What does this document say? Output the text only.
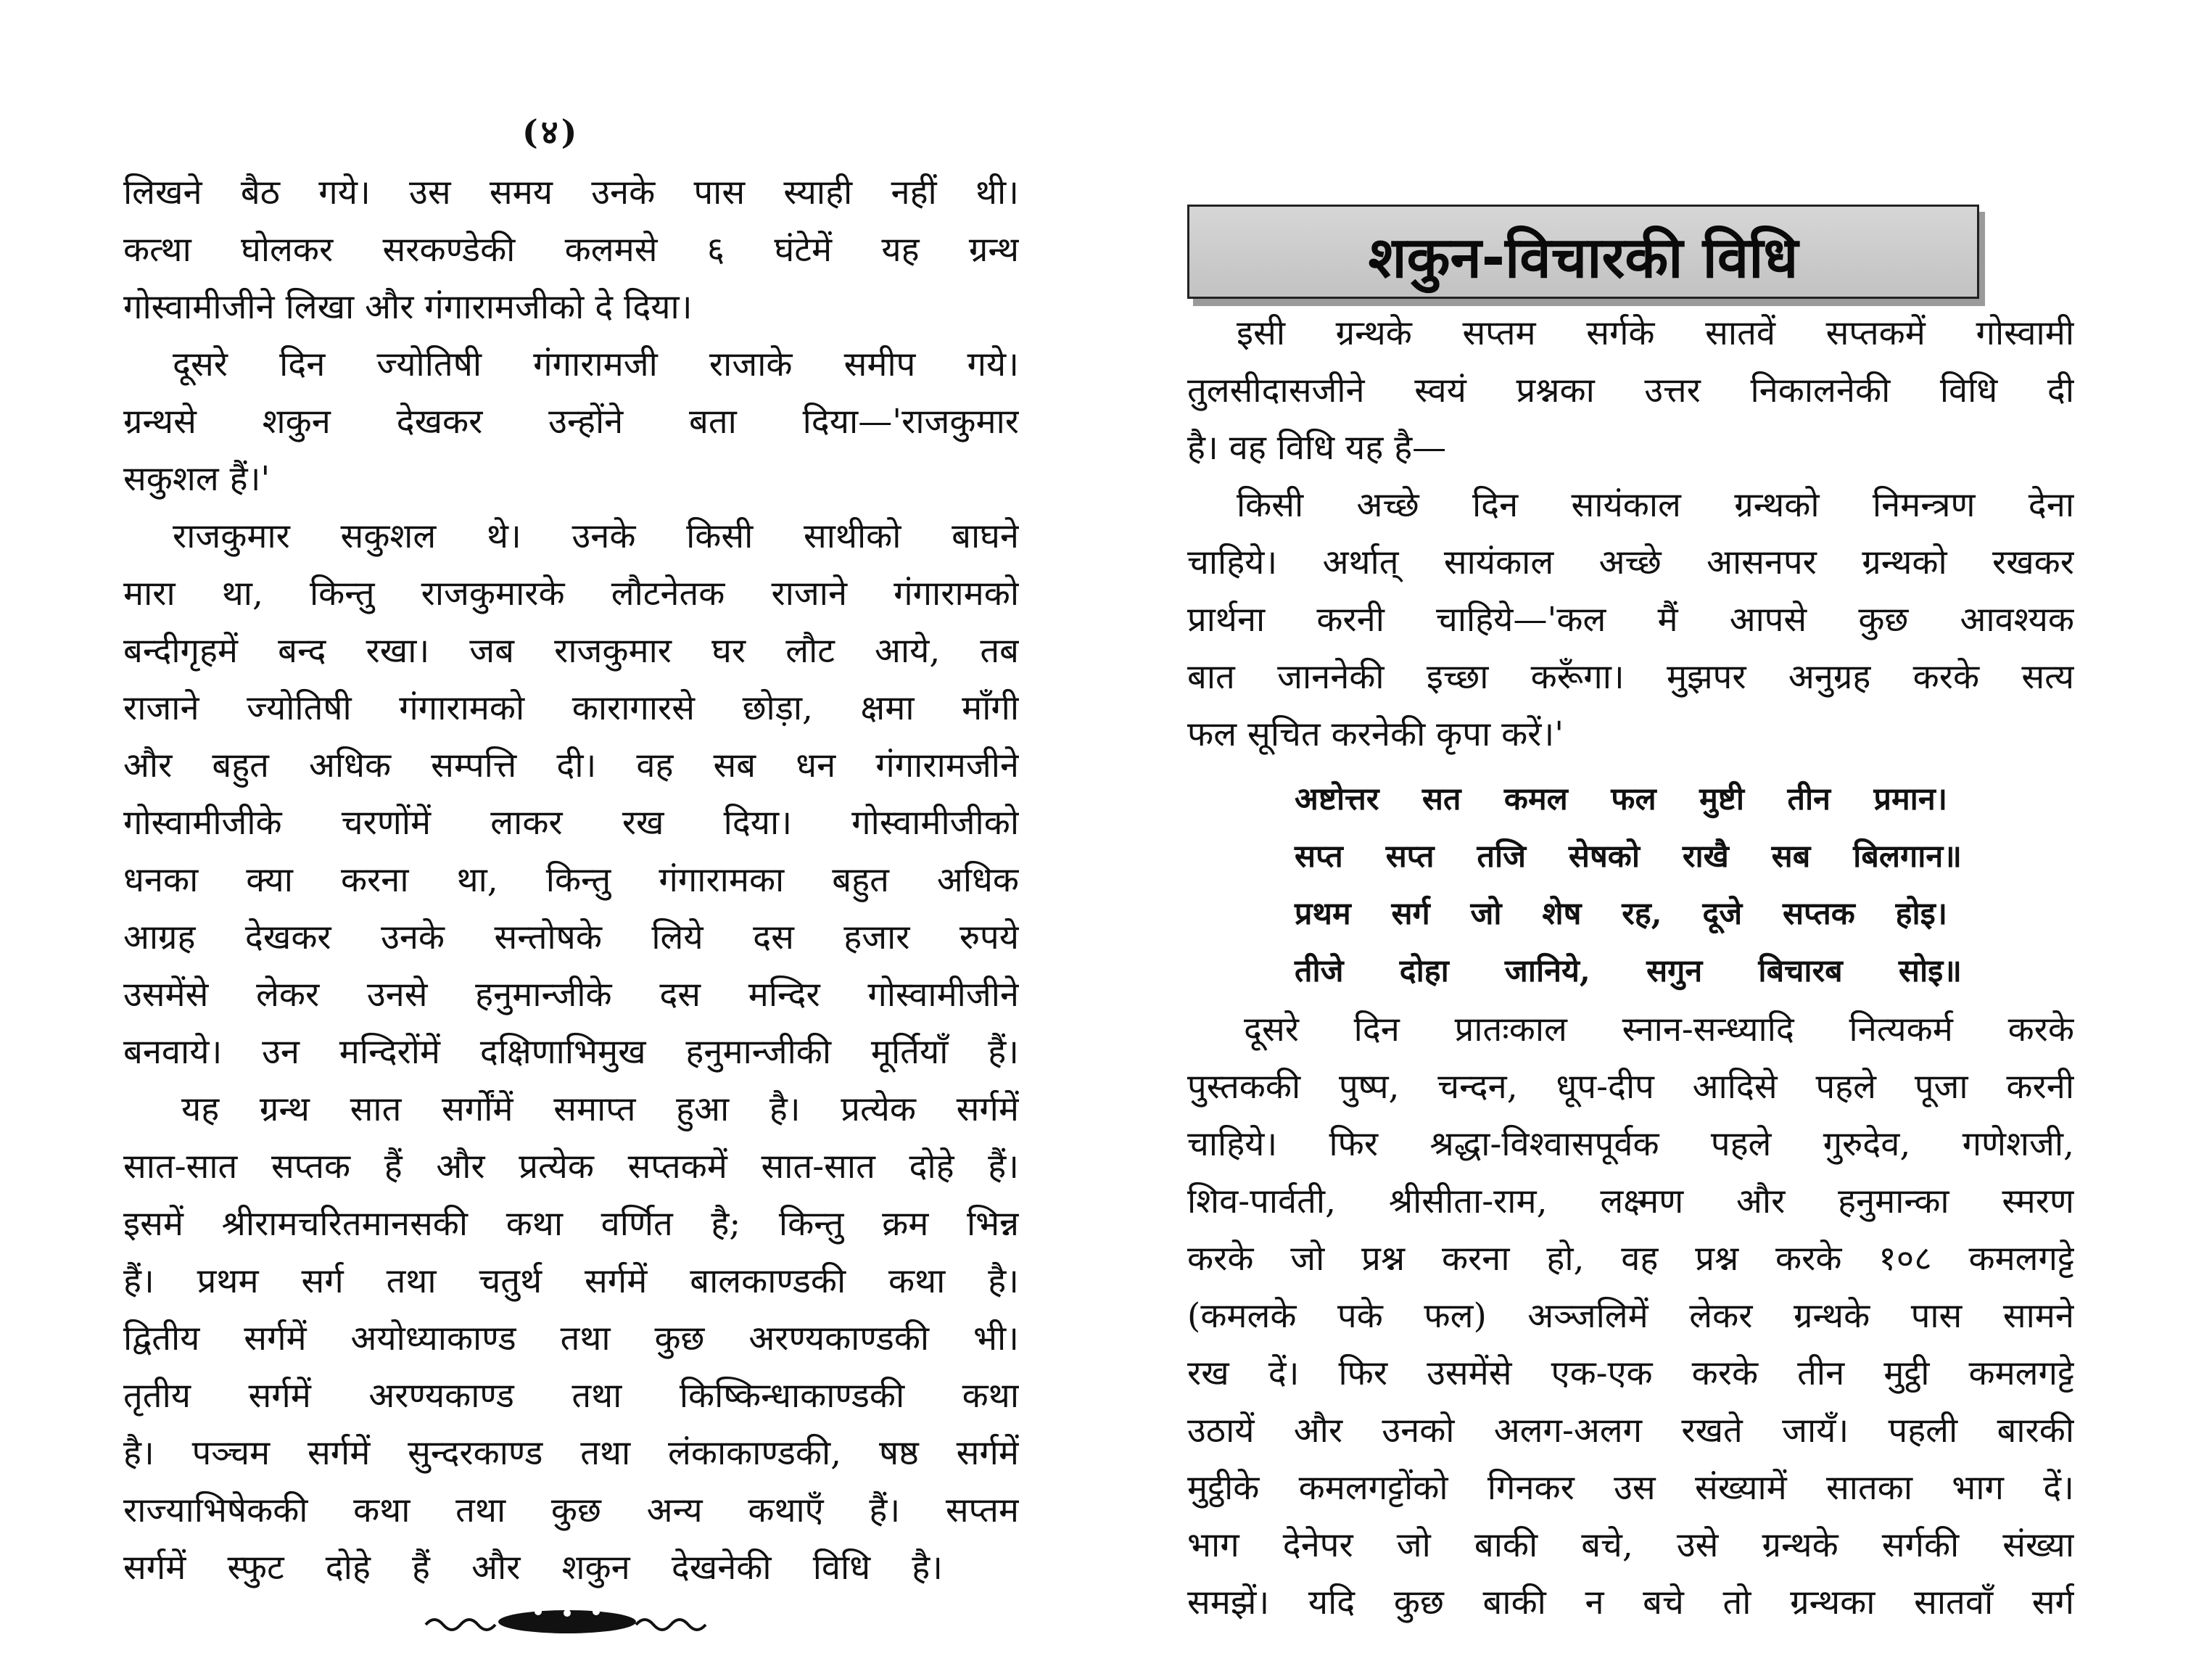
(४)
लिखने बैठ गये। उस समय उनके पास स्याही नहीं थी।
कत्था घोलकर सरकण्डेकी कलमसे ६ घंटेमें यह ग्रन्थ
गोस्वामीजीने लिखा और गंगारामजीको दे दिया।
दूसरे दिन ज्योतिषी गंगारामजी राजाके समीप गये।
ग्रन्थसे शकुन देखकर उन्होंने बता दिया—'राजकुमार
सकुशल हैं।'
राजकुमार सकुशल थे। उनके किसी साथीको बाघने
मारा था, किन्तु राजकुमारके लौटनेतक राजाने गंगारामको
बन्दीगृहमें बन्द रखा। जब राजकुमार घर लौट आये, तब
राजाने ज्योतिषी गंगारामको कारागारसे छोड़ा, क्षमा माँगी
और बहुत अधिक सम्पत्ति दी। वह सब धन गंगारामजीने
गोस्वामीजीके चरणोंमें लाकर रख दिया। गोस्वामीजीको
धनका क्या करना था, किन्तु गंगारामका बहुत अधिक
आग्रह देखकर उनके सन्तोषके लिये दस हजार रुपये
उसमेंसे लेकर उनसे हनुमान्जीके दस मन्दिर गोस्वामीजीने
बनवाये। उन मन्दिरोंमें दक्षिणाभिमुख हनुमान्जीकी मूर्तियाँ हैं।
यह ग्रन्थ सात सर्गोंमें समाप्त हुआ है। प्रत्येक सर्गमें
सात-सात सप्तक हैं और प्रत्येक सप्तकमें सात-सात दोहे हैं।
इसमें श्रीरामचरितमानसकी कथा वर्णित है; किन्तु क्रम भिन्न
हैं। प्रथम सर्ग तथा चतुर्थ सर्गमें बालकाण्डकी कथा है।
द्वितीय सर्गमें अयोध्याकाण्ड तथा कुछ अरण्यकाण्डकी भी।
तृतीय सर्गमें अरण्यकाण्ड तथा किष्किन्धाकाण्डकी कथा
है। पञ्चम सर्गमें सुन्दरकाण्ड तथा लंकाकाण्डकी, षष्ठ सर्गमें
राज्याभिषेककी कथा तथा कुछ अन्य कथाएँ हैं। सप्तम
सर्गमें स्फुट दोहे हैं और शकुन देखनेकी विधि है।
शकुन-विचारकी विधि
इसी ग्रन्थके सप्तम सर्गके सातवें सप्तकमें गोस्वामी
तुलसीदासजीने स्वयं प्रश्नका उत्तर निकालनेकी विधि दी
है। वह विधि यह है—
किसी अच्छे दिन सायंकाल ग्रन्थको निमन्त्रण देना
चाहिये। अर्थात् सायंकाल अच्छे आसनपर ग्रन्थको रखकर
प्रार्थना करनी चाहिये—'कल मैं आपसे कुछ आवश्यक
बात जाननेकी इच्छा करूँगा। मुझपर अनुग्रह करके सत्य
फल सूचित करनेकी कृपा करें।'
अष्टोत्तर सत कमल फल मुष्टी तीन प्रमान।
सप्त सप्त तजि सेषको राखै सब बिलगान॥
प्रथम सर्ग जो शेष रह, दूजे सप्तक होइ।
तीजे दोहा जानिये, सगुन बिचारब सोइ॥
दूसरे दिन प्रातःकाल स्नान-सन्ध्यादि नित्यकर्म करके
पुस्तककी पुष्प, चन्दन, धूप-दीप आदिसे पहले पूजा करनी
चाहिये। फिर श्रद्धा-विश्वासपूर्वक पहले गुरुदेव, गणेशजी,
शिव-पार्वती, श्रीसीता-राम, लक्ष्मण और हनुमान्का स्मरण
करके जो प्रश्न करना हो, वह प्रश्न करके १०८ कमलगट्टे
(कमलके पके फल) अञ्जलिमें लेकर ग्रन्थके पास सामने
रख दें। फिर उसमेंसे एक-एक करके तीन मुट्ठी कमलगट्टे
उठायें और उनको अलग-अलग रखते जायँ। पहली बारकी
मुट्ठीके कमलगट्टोंको गिनकर उस संख्यामें सातका भाग दें।
भाग देनेपर जो बाकी बचे, उसे ग्रन्थके सर्गकी संख्या
समझें। यदि कुछ बाकी न बचे तो ग्रन्थका सातवाँ सर्ग
